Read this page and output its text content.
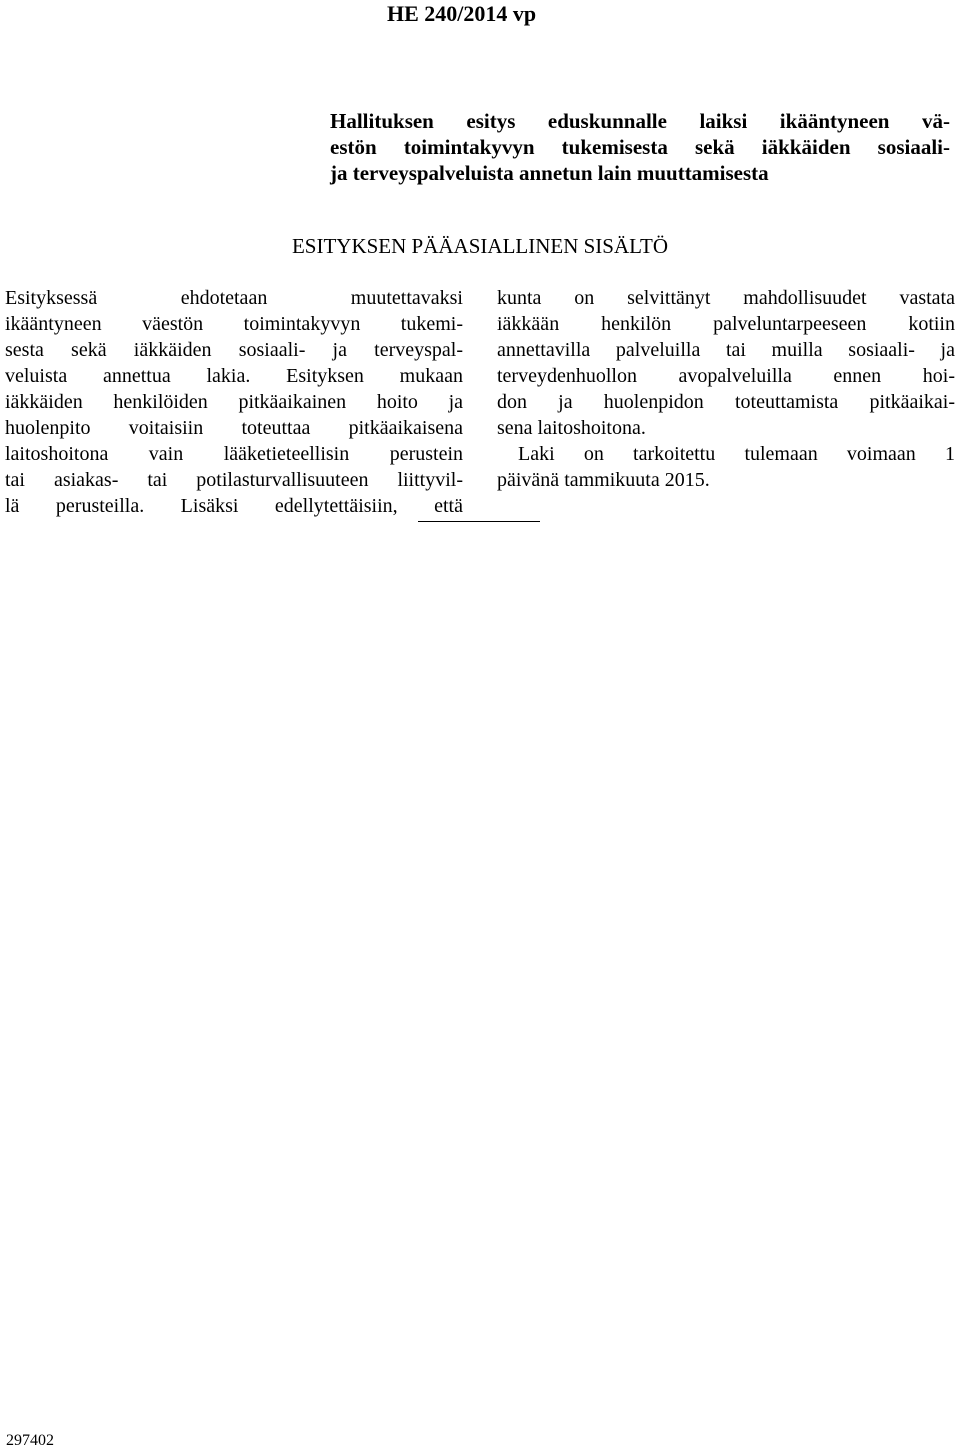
HE 240/2014 vp
Hallituksen esitys eduskunnalle laiksi ikääntyneen vä-
estön toimintakyvyn tukemisesta sekä iäkkäiden sosiaali-
ja terveyspalveluista annetun lain muuttamisesta
ESITYKSEN PÄÄASIALLINEN SISÄLTÖ
Esityksessä ehdotetaan muutettavaksi
ikääntyneen väestön toimintakyvyn tukemi-
sesta sekä iäkkäiden sosiaali- ja terveyspal-
veluista annettua lakia. Esityksen mukaan
iäkkäiden henkilöiden pitkäaikainen hoito ja
huolenpito voitaisiin toteuttaa pitkäaikaisena
laitoshoitona vain lääketieteellisin perustein
tai asiakas- tai potilasturvallisuuteen liittyvil-
lä perusteilla. Lisäksi edellytettäisiin, että
kunta on selvittänyt mahdollisuudet vastata
iäkkään henkilön palveluntarpeeseen kotiin
annettavilla palveluilla tai muilla sosiaali- ja
terveydenhuollon avopalveluilla ennen hoi-
don ja huolenpidon toteuttamista pitkäaikai-
sena laitoshoitona.
Laki on tarkoitettu tulemaan voimaan 1
päivänä tammikuuta 2015.
297402
